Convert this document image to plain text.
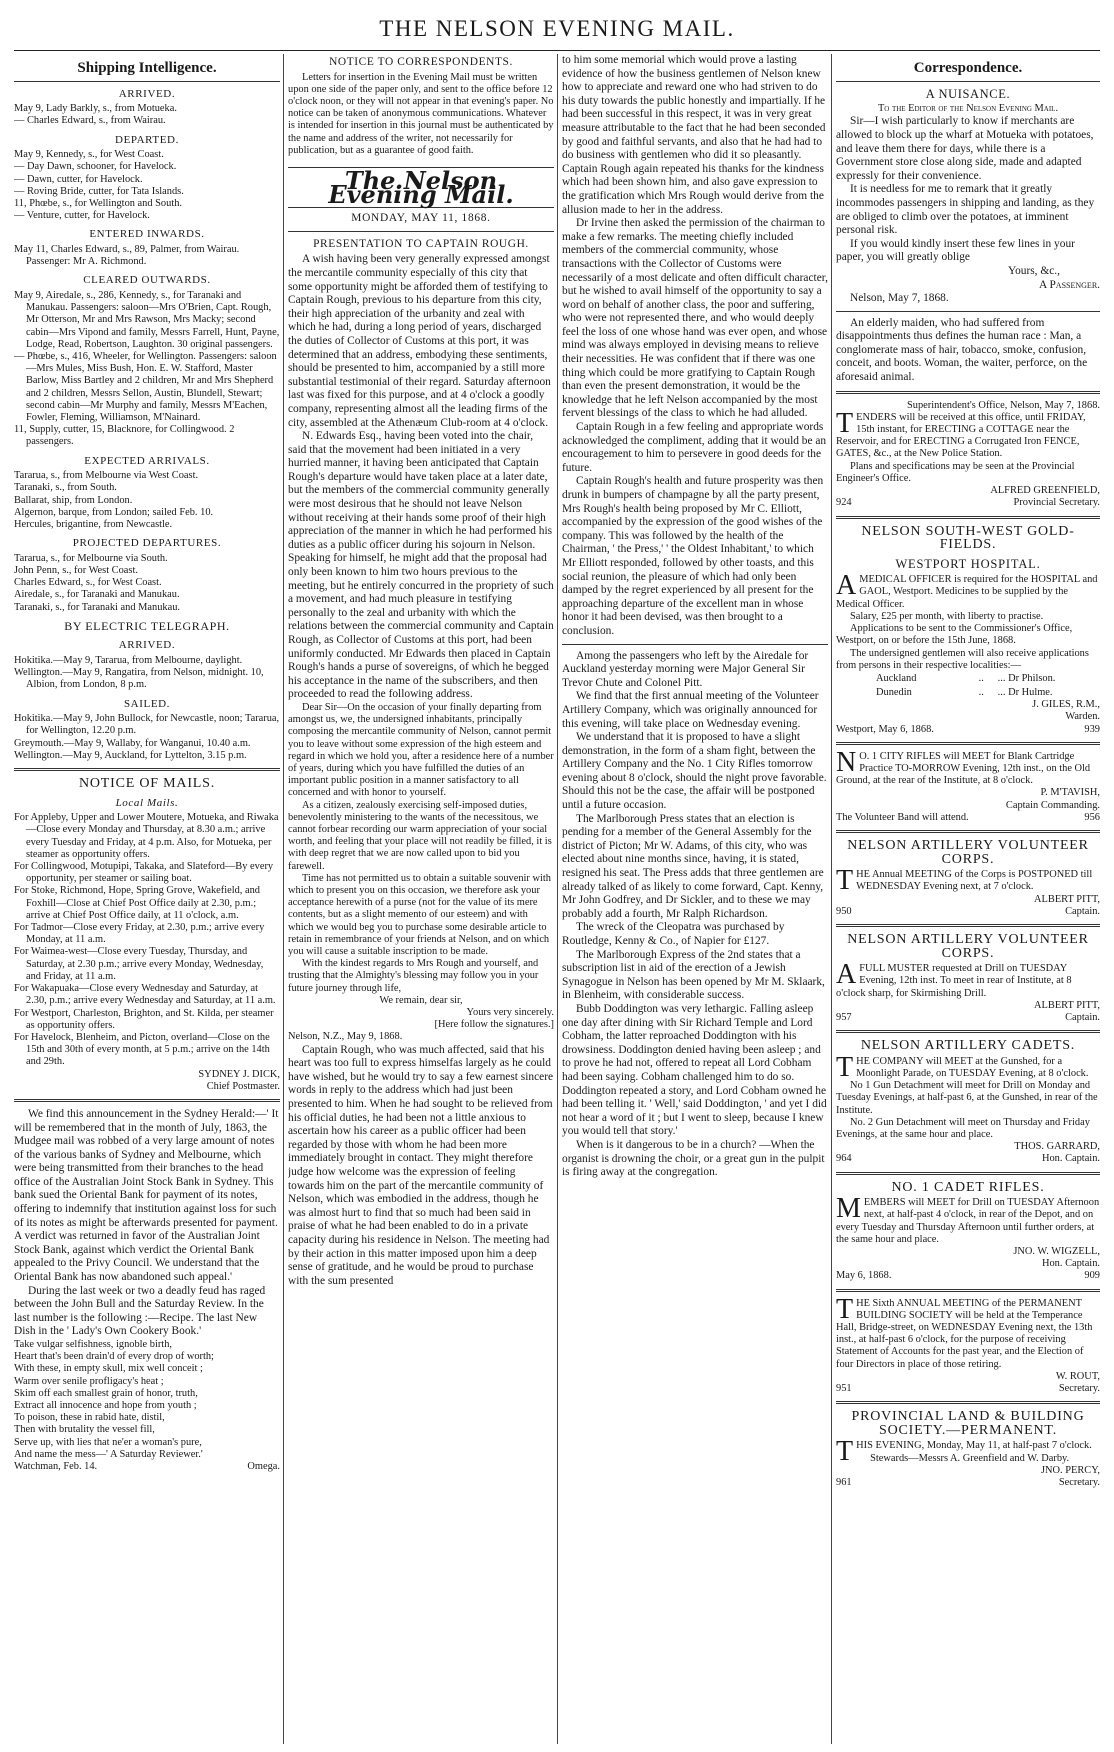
THE NELSON EVENING MAIL.
Shipping Intelligence.
ARRIVED.

May 9, Lady Barkly, s., from Motueka.

— Charles Edward, s., from Wairau.

DEPARTED.

May 9, Kennedy, s., for West Coast.

— Day Dawn, schooner, for Havelock.

— Dawn, cutter, for Havelock.

— Roving Bride, cutter, for Tata Islands.

11, Phœbe, s., for Wellington and South.

— Venture, cutter, for Havelock.

ENTERED INWARDS.

May 11, Charles Edward, s., 89, Palmer, from Wairau. Passenger: Mr A. Richmond.

CLEARED OUTWARDS.

May 9, Airedale, s., 286, Kennedy, s., for Taranaki and Manukau. Passengers: saloon—Mrs O'Brien, Capt. Rough, Mr Otterson, Mr and Mrs Rawson, Mrs Macky; second cabin—Mrs Vipond and family, Messrs Farrell, Hunt, Payne, Lodge, Read, Robertson, Laughton. 30 original passengers.

— Phœbe, s., 416, Wheeler, for Wellington. Passengers: saloon—Mrs Mules, Miss Bush, Hon. E. W. Stafford, Master Barlow, Miss Bartley and 2 children, Mr and Mrs Shepherd and 2 children, Messrs Sellon, Austin, Blundell, Stewart; second cabin—Mr Murphy and family, Messrs M'Eachen, Fowler, Fleming, Williamson, M'Nainard.

11, Supply, cutter, 15, Blacknore, for Collingwood. 2 passengers.

EXPECTED ARRIVALS.

Tararua, s., from Melbourne via West Coast.

Taranaki, s., from South.

Ballarat, ship, from London.

Algernon, barque, from London; sailed Feb. 10.

Hercules, brigantine, from Newcastle.

PROJECTED DEPARTURES.

Tararua, s., for Melbourne via South.

John Penn, s., for West Coast.

Charles Edward, s., for West Coast.

Airedale, s., for Taranaki and Manukau.

Taranaki, s., for Taranaki and Manukau.

BY ELECTRIC TELEGRAPH.
ARRIVED.

Hokitika.—May 9, Tararua, from Melbourne, daylight.

Wellington.—May 9, Rangatira, from Nelson, midnight. 10, Albion, from London, 8 p.m.

SAILED.

Hokitika.—May 9, John Bullock, for Newcastle, noon; Tararua, for Wellington, 12.20 p.m.

Greymouth.—May 9, Wallaby, for Wanganui, 10.40 a.m.

Wellington.—May 9, Auckland, for Lyttelton, 3.15 p.m.

NOTICE OF MAILS.
Local Mails.

For Appleby, Upper and Lower Moutere, Motueka, and Riwaka—Close every Monday and Thursday, at 8.30 a.m.; arrive every Tuesday and Friday, at 4 p.m. Also, for Motueka, per steamer as opportunity offers.

For Collingwood, Motupipi, Takaka, and Slateford—By every opportunity, per steamer or sailing boat.

For Stoke, Richmond, Hope, Spring Grove, Wakefield, and Foxhill—Close at Chief Post Office daily at 2.30, p.m.; arrive at Chief Post Office daily, at 11 o'clock, a.m.

For Tadmor—Close every Friday, at 2.30, p.m.; arrive every Monday, at 11 a.m.

For Waimea-west—Close every Tuesday, Thursday, and Saturday, at 2.30 p.m.; arrive every Monday, Wednesday, and Friday, at 11 a.m.

For Wakapuaka—Close every Wednesday and Saturday, at 2.30, p.m.; arrive every Wednesday and Saturday, at 11 a.m.

For Westport, Charleston, Brighton, and St. Kilda, per steamer as opportunity offers.

For Havelock, Blenheim, and Picton, overland—Close on the 15th and 30th of every month, at 5 p.m.; arrive on the 14th and 29th.

SYDNEY J. DICK,

Chief Postmaster.

We find this announcement in the Sydney Herald:—' It will be remembered that in the month of July, 1863, the Mudgee mail was robbed of a very large amount of notes of the various banks of Sydney and Melbourne, which were being transmitted from their branches to the head office of the Australian Joint Stock Bank in Sydney. This bank sued the Oriental Bank for payment of its notes, offering to indemnify that institution against loss for such of its notes as might be afterwards presented for payment. A verdict was returned in favor of the Australian Joint Stock Bank, against which verdict the Oriental Bank appealed to the Privy Council. We understand that the Oriental Bank has now abandoned such appeal.'

During the last week or two a deadly feud has raged between the John Bull and the Saturday Review. In the last number is the following :—Recipe. The last New Dish in the ' Lady's Own Cookery Book.'

Take vulgar selfishness, ignoble birth,

Heart that's been drain'd of every drop of worth;

With these, in empty skull, mix well conceit ;

Warm over senile profligacy's heat ;

Skim off each smallest grain of honor, truth,

Extract all innocence and hope from youth ;

To poison, these in rabid hate, distil,

Then with brutality the vessel fill,

Serve up, with lies that ne'er a woman's pure,

And name the mess—' A Saturday Reviewer.'

Watchman, Feb. 14.	Omega.

NOTICE TO CORRESPONDENTS.

Letters for insertion in the Evening Mail must be written upon one side of the paper only, and sent to the office before 12 o'clock noon, or they will not appear in that evening's paper. No notice can be taken of anonymous communications. Whatever is intended for insertion in this journal must be authenticated by the name and address of the writer, not necessarily for publication, but as a guarantee of good faith.

The Nelson Evening Mail.
MONDAY, MAY 11, 1868.
PRESENTATION TO CAPTAIN ROUGH.

A wish having been very generally expressed amongst the mercantile community especially of this city that some opportunity might be afforded them of testifying to Captain Rough, previous to his departure from this city, their high appreciation of the urbanity and zeal with which he had, during a long period of years, discharged the duties of Collector of Customs at this port, it was determined that an address, embodying these sentiments, should be presented to him, accompanied by a still more substantial testimonial of their regard. Saturday afternoon last was fixed for this purpose, and at 4 o'clock a goodly company, representing almost all the leading firms of the city, assembled at the Athenæum Club-room at 4 o'clock.

N. Edwards Esq., having been voted into the chair, said that the movement had been initiated in a very hurried manner, it having been anticipated that Captain Rough's departure would have taken place at a later date, but the members of the commercial community generally were most desirous that he should not leave Nelson without receiving at their hands some proof of their high appreciation of the manner in which he had performed his duties as a public officer during his sojourn in Nelson. Speaking for himself, he might add that the proposal had only been known to him two hours previous to the meeting, but he entirely concurred in the propriety of such a movement, and had much pleasure in testifying personally to the zeal and urbanity with which the relations between the commercial community and Captain Rough, as Collector of Customs at this port, had been uniformly conducted. Mr Edwards then placed in Captain Rough's hands a purse of sovereigns, of which he begged his acceptance in the name of the subscribers, and then proceeded to read the following address.

Dear Sir—On the occasion of your finally departing from amongst us, we, the undersigned inhabitants, principally composing the mercantile community of Nelson, cannot permit you to leave without some expression of the high esteem and regard in which we hold you, after a residence here of a number of years, during which you have fulfilled the duties of an important public position in a manner satisfactory to all concerned and with honor to yourself.

As a citizen, zealously exercising self-imposed duties, benevolently ministering to the wants of the necessitous, we cannot forbear recording our warm appreciation of your social worth, and feeling that your place will not readily be filled, it is with deep regret that we are now called upon to bid you farewell.

Time has not permitted us to obtain a suitable souvenir with which to present you on this occasion, we therefore ask your acceptance herewith of a purse (not for the value of its mere contents, but as a slight memento of our esteem) and with which we would beg you to purchase some desirable article to retain in remembrance of your friends at Nelson, and on which you will cause a suitable inscription to be made.

With the kindest regards to Mrs Rough and yourself, and trusting that the Almighty's blessing may follow you in your future journey through life,

We remain, dear sir,

Yours very sincerely.

[Here follow the signatures.]

Nelson, N.Z., May 9, 1868.

Captain Rough, who was much affected, said that his heart was too full to express himselfas largely as he could have wished, but he would try to say a few earnest sincere words in reply to the address which had just been presented to him. When he had sought to be relieved from his official duties, he had been not a little anxious to ascertain how his career as a public officer had been regarded by those with whom he had been more immediately brought in contact. They might therefore judge how welcome was the expression of feeling towards him on the part of the mercantile community of Nelson, which was embodied in the address, though he was almost hurt to find that so much had been said in praise of what he had been enabled to do in a private capacity during his residence in Nelson. The meeting had by their action in this matter imposed upon him a deep sense of gratitude, and he would be proud to purchase with the sum presented

to him some memorial which would prove a lasting evidence of how the business gentlemen of Nelson knew how to appreciate and reward one who had striven to do his duty towards the public honestly and impartially. If he had been successful in this respect, it was in very great measure attributable to the fact that he had been seconded by good and faithful servants, and also that he had had to do business with gentlemen who did it so pleasantly. Captain Rough again repeated his thanks for the kindness which had been shown him, and also gave expression to the gratification which Mrs Rough would derive from the allusion made to her in the address.

Dr Irvine then asked the permission of the chairman to make a few remarks. The meeting chiefly included members of the commercial community, whose transactions with the Collector of Customs were necessarily of a most delicate and often difficult character, but he wished to avail himself of the opportunity to say a word on behalf of another class, the poor and suffering, who were not represented there, and who would deeply feel the loss of one whose hand was ever open, and whose mind was always employed in devising means to relieve their necessities. He was confident that if there was one thing which could be more gratifying to Captain Rough than even the present demonstration, it would be the knowledge that he left Nelson accompanied by the most fervent blessings of the class to which he had alluded.

Captain Rough in a few feeling and appropriate words acknowledged the compliment, adding that it would be an encouragement to him to persevere in good deeds for the future.

Captain Rough's health and future prosperity was then drunk in bumpers of champagne by all the party present, Mrs Rough's health being proposed by Mr C. Elliott, accompanied by the expression of the good wishes of the company. This was followed by the health of the Chairman, ' the Press,' ' the Oldest Inhabitant,' to which Mr Elliott responded, followed by other toasts, and this social reunion, the pleasure of which had only been damped by the regret experienced by all present for the approaching departure of the excellent man in whose honor it had been devised, was then brought to a conclusion.

Among the passengers who left by the Airedale for Auckland yesterday morning were Major General Sir Trevor Chute and Colonel Pitt.

We find that the first annual meeting of the Volunteer Artillery Company, which was originally announced for this evening, will take place on Wednesday evening.

We understand that it is proposed to have a slight demonstration, in the form of a sham fight, between the Artillery Company and the No. 1 City Rifles tomorrow evening about 8 o'clock, should the night prove favorable. Should this not be the case, the affair will be postponed until a future occasion.

The Marlborough Press states that an election is pending for a member of the General Assembly for the district of Picton; Mr W. Adams, of this city, who was elected about nine months since, having, it is stated, resigned his seat. The Press adds that three gentlemen are already talked of as likely to come forward, Capt. Kenny, Mr John Godfrey, and Dr Sickler, and to these we may probably add a fourth, Mr Ralph Richardson.

The wreck of the Cleopatra was purchased by Routledge, Kenny & Co., of Napier for £127.

The Marlborough Express of the 2nd states that a subscription list in aid of the erection of a Jewish Synagogue in Nelson has been opened by Mr M. Sklaark, in Blenheim, with considerable success.

Bubb Doddington was very lethargic. Falling asleep one day after dining with Sir Richard Temple and Lord Cobham, the latter reproached Doddington with his drowsiness. Doddington denied having been asleep ; and to prove he had not, offered to repeat all Lord Cobham had been saying. Cobham challenged him to do so. Doddington repeated a story, and Lord Cobham owned he had been telling it. ' Well,' said Doddington, ' and yet I did not hear a word of it ; but I went to sleep, because I knew you would tell that story.'

When is it dangerous to be in a church? —When the organist is drowning the choir, or a great gun in the pulpit is firing away at the congregation.

Correspondence.
A NUISANCE.

To the Editor of the Nelson Evening Mail.

Sir—I wish particularly to know if merchants are allowed to block up the wharf at Motueka with potatoes, and leave them there for days, while there is a Government store close along side, made and adapted expressly for their convenience.

It is needless for me to remark that it greatly incommodes passengers in shipping and landing, as they are obliged to climb over the potatoes, at imminent personal risk.

If you would kindly insert these few lines in your paper, you will greatly oblige

Yours, &c.,

A Passenger.

Nelson, May 7, 1868.

An elderly maiden, who had suffered from disappointments thus defines the human race : Man, a conglomerate mass of hair, tobacco, smoke, confusion, conceit, and boots. Woman, the waiter, perforce, on the aforesaid animal.

Superintendent's Office, Nelson, May 7, 1868.

TENDERS will be received at this office, until FRIDAY, 15th instant, for ERECTING a COTTAGE near the Reservoir, and for ERECTING a Corrugated Iron FENCE, GATES, &c., at the New Police Station.

Plans and specifications may be seen at the Provincial Engineer's Office.

ALFRED GREENFIELD,

924	Provincial Secretary.

NELSON SOUTH-WEST GOLD-FIELDS.
WESTPORT HOSPITAL.

AMEDICAL OFFICER is required for the HOSPITAL and GAOL, Westport. Medicines to be supplied by the Medical Officer.

Salary, £25 per month, with liberty to practise.

Applications to be sent to the Commissioner's Office, Westport, on or before the 15th June, 1868.

The undersigned gentlemen will also receive applications from persons in their respective localities:—

Auckland	..	... Dr Philson.
Dunedin	..	... Dr Hulme.

J. GILES, R.M.,

Warden.

Westport, May 6, 1868.	939

NO. 1 CITY RIFLES will MEET for Blank Cartridge Practice TO-MORROW Evening, 12th inst., on the Old Ground, at the rear of the Institute, at 8 o'clock.

P. M'TAVISH,

Captain Commanding.

The Volunteer Band will attend.	956

NELSON ARTILLERY VOLUNTEER CORPS.

THE Annual MEETING of the Corps is POSTPONED till WEDNESDAY Evening next, at 7 o'clock.

ALBERT PITT,

950	Captain.

NELSON ARTILLERY VOLUNTEER CORPS.

AFULL MUSTER requested at Drill on TUESDAY Evening, 12th inst. To meet in rear of Institute, at 8 o'clock sharp, for Skirmishing Drill.

ALBERT PITT,

957	Captain.

NELSON ARTILLERY CADETS.

THE COMPANY will MEET at the Gunshed, for a Moonlight Parade, on TUESDAY Evening, at 8 o'clock.

No 1 Gun Detachment will meet for Drill on Monday and Tuesday Evenings, at half-past 6, at the Gunshed, in rear of the Institute.

No. 2 Gun Detachment will meet on Thursday and Friday Evenings, at the same hour and place.

THOS. GARRARD,

964	Hon. Captain.

NO. 1 CADET RIFLES.

MEMBERS will MEET for Drill on TUESDAY Afternoon next, at half-past 4 o'clock, in rear of the Depot, and on every Tuesday and Thursday Afternoon until further orders, at the same hour and place.

JNO. W. WIGZELL,

Hon. Captain.

May 6, 1868.	909

THE Sixth ANNUAL MEETING of the PERMANENT BUILDING SOCIETY will be held at the Temperance Hall, Bridge-street, on WEDNESDAY Evening next, the 13th inst., at half-past 6 o'clock, for the purpose of receiving Statement of Accounts for the past year, and the Election of four Directors in place of those retiring.

W. ROUT,

951	Secretary.

PROVINCIAL LAND & BUILDING SOCIETY.—PERMANENT.

THIS EVENING, Monday, May 11, at half-past 7 o'clock.

Stewards—Messrs A. Greenfield and W. Darby.

JNO. PERCY,

961	Secretary.
